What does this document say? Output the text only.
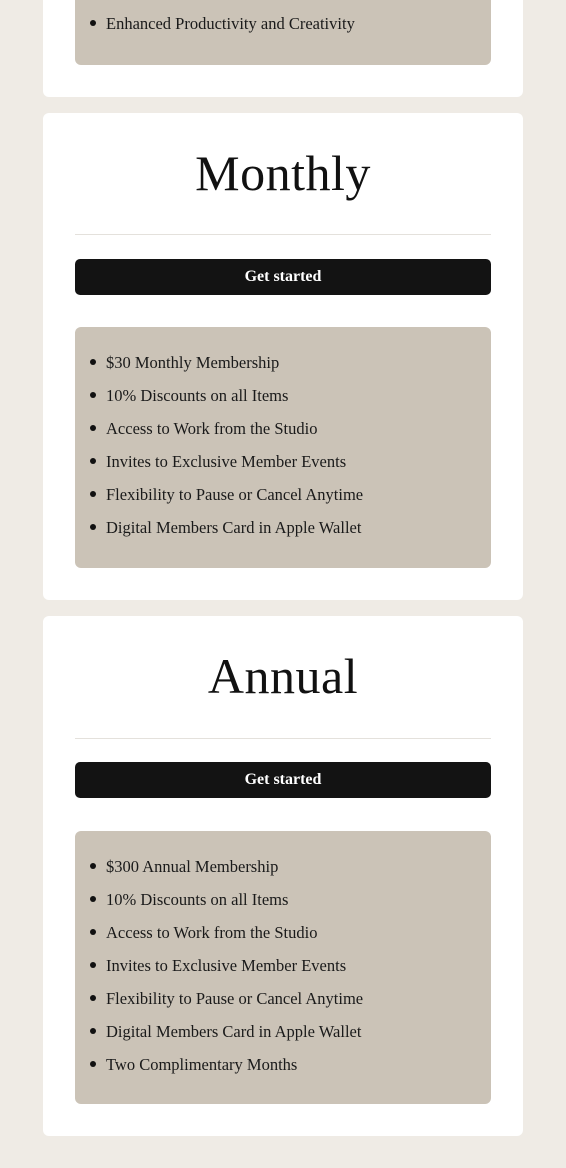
Enhanced Productivity and Creativity
Monthly
Get started
$30 Monthly Membership
10% Discounts on all Items
Access to Work from the Studio
Invites to Exclusive Member Events
Flexibility to Pause or Cancel Anytime
Digital Members Card in Apple Wallet
Annual
Get started
$300 Annual Membership
10% Discounts on all Items
Access to Work from the Studio
Invites to Exclusive Member Events
Flexibility to Pause or Cancel Anytime
Digital Members Card in Apple Wallet
Two Complimentary Months
